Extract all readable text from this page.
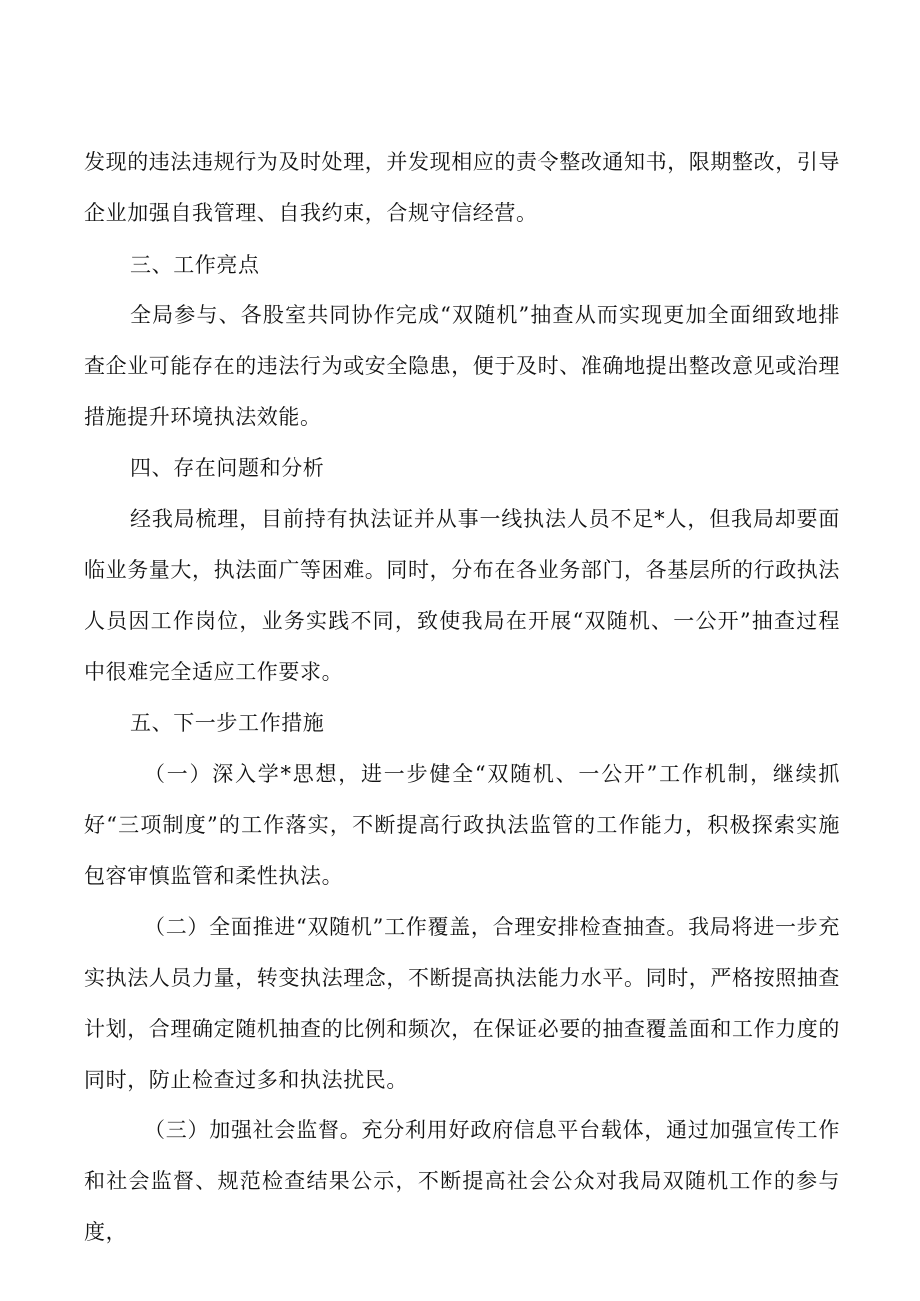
发现的违法违规行为及时处理，并发现相应的责令整改通知书，限期整改，引导企业加强自我管理、自我约束，合规守信经营。

三、工作亮点

全局参与、各股室共同协作完成“双随机”抽查从而实现更加全面细致地排查企业可能存在的违法行为或安全隐患，便于及时、准确地提出整改意见或治理措施提升环境执法效能。

四、存在问题和分析

经我局梳理，目前持有执法证并从事一线执法人员不足*人，但我局却要面临业务量大，执法面广等困难。同时，分布在各业务部门，各基层所的行政执法人员因工作岗位，业务实践不同，致使我局在开展“双随机、一公开”抽查过程中很难完全适应工作要求。

五、下一步工作措施

（一）深入学*思想，进一步健全“双随机、一公开”工作机制，继续抓好“三项制度”的工作落实，不断提高行政执法监管的工作能力，积极探索实施包容审慎监管和柔性执法。

（二）全面推进“双随机”工作覆盖，合理安排检查抽查。我局将进一步充实执法人员力量，转变执法理念，不断提高执法能力水平。同时，严格按照抽查计划，合理确定随机抽查的比例和频次，在保证必要的抽查覆盖面和工作力度的同时，防止检查过多和执法扰民。

（三）加强社会监督。充分利用好政府信息平台载体，通过加强宣传工作和社会监督、规范检查结果公示，不断提高社会公众对我局双随机工作的参与度，
